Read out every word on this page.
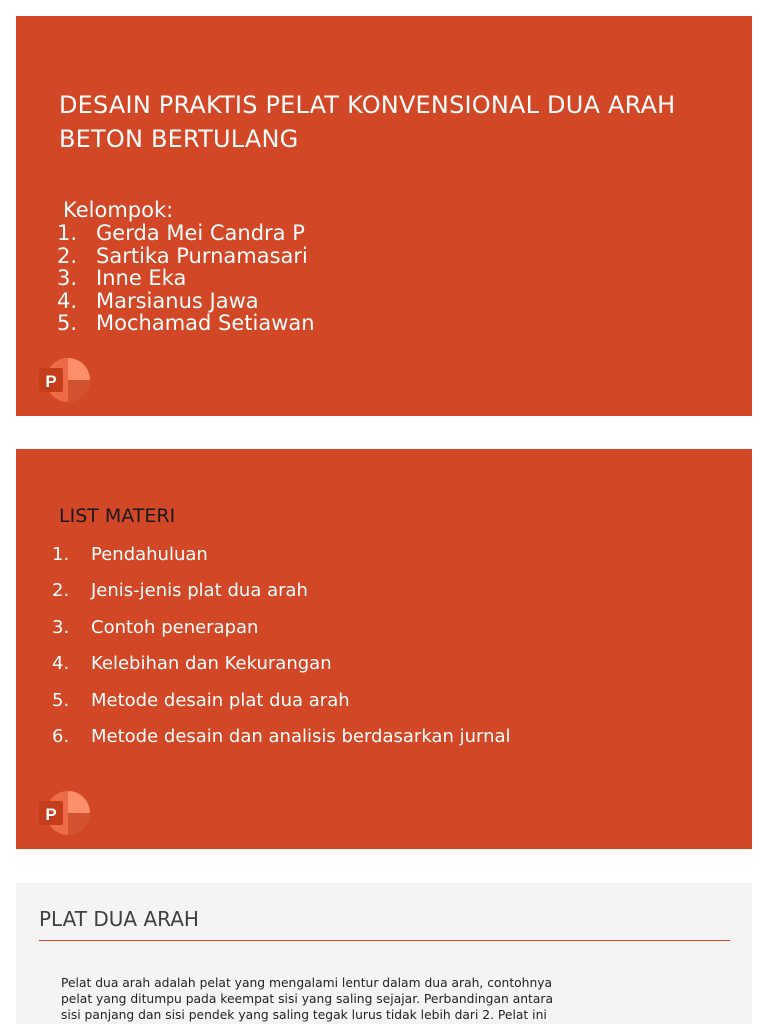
DESAIN PRAKTIS PELAT KONVENSIONAL DUA ARAH BETON BERTULANG

Kelompok:

1. Gerda Mei Candra P
2. Sartika Purnamasari
3. Inne Eka
4. Marsianus Jawa
5. Mochamad Setiawan
P
LIST MATERI
1.	Pendahuluan
2.	Jenis-jenis plat dua arah
3.	Contoh penerapan
4.	Kelebihan dan Kekurangan
5.	Metode desain plat dua arah
6.	Metode desain dan analisis berdasarkan jurnal
P
PLAT DUA ARAH

Pelat dua arah adalah pelat yang mengalami lentur dalam dua arah, contohnya pelat yang ditumpu pada keempat sisi yang saling sejajar. Perbandingan antara sisi panjang dan sisi pendek yang saling tegak lurus tidak lebih dari 2. Pelat ini
